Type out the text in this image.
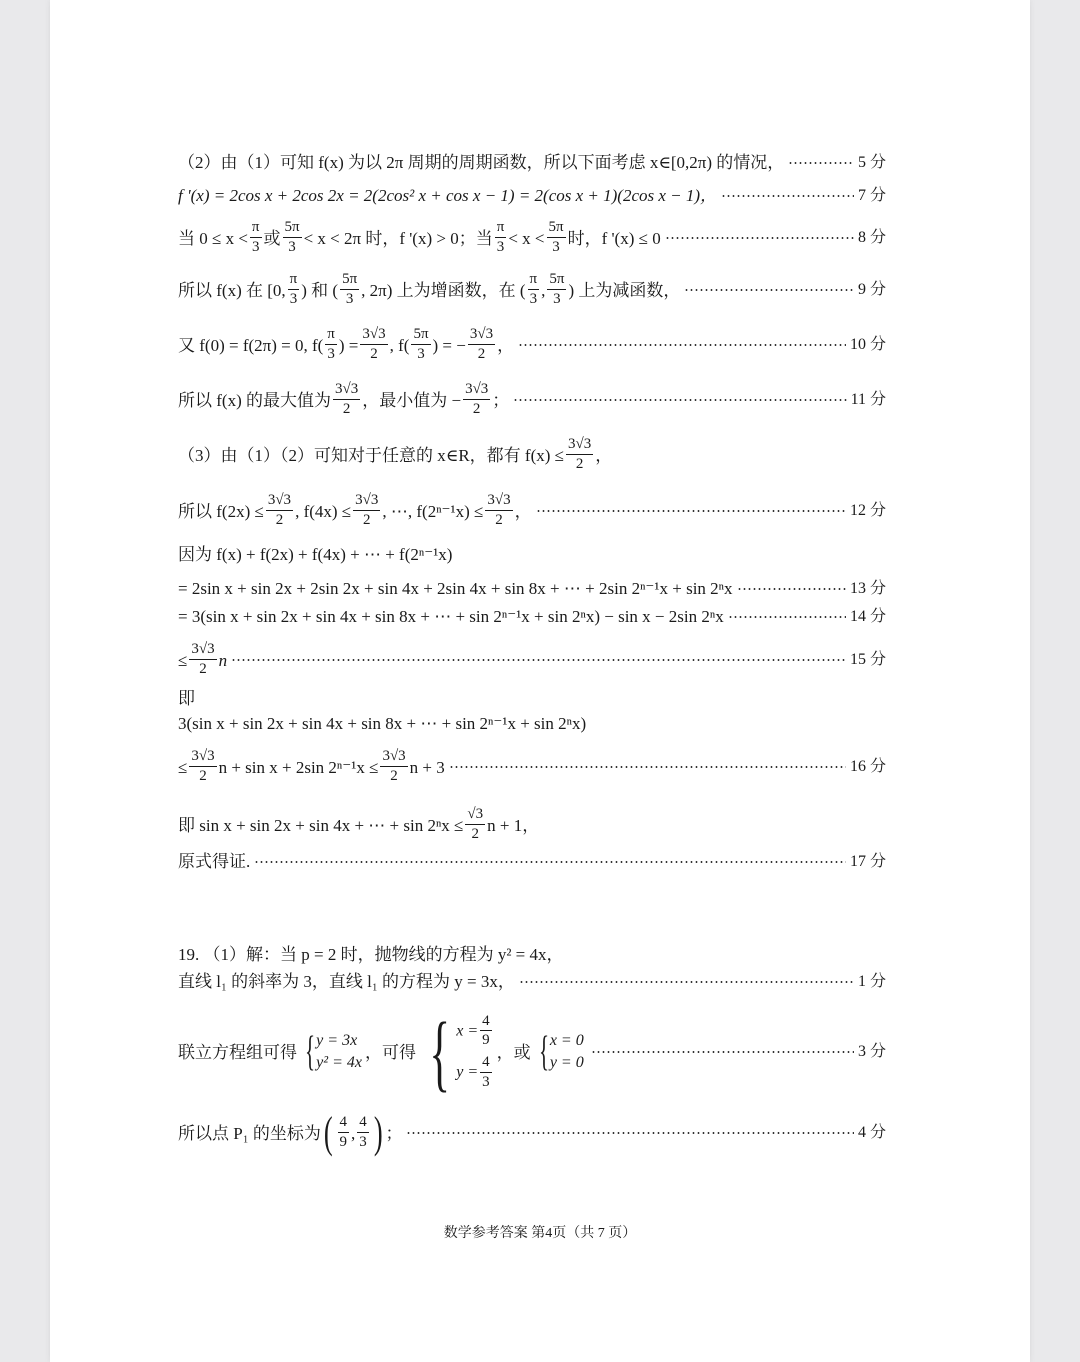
（2）由（1）可知 f(x) 为以 2π 周期的周期函数，所以下面考虑 x∈[0,2π) 的情况，	5 分
f '(x) = 2cos x + 2cos 2x = 2(2cos² x + cos x − 1) = 2(cos x + 1)(2cos x − 1)，	7 分
当 $0 \le x < \frac{\pi}{3}$ 或 $\frac{5\pi}{3} < x < 2\pi$ 时，f '(x) > 0；当 $\frac{\pi}{3} < x < \frac{5\pi}{3}$ 时，f '(x) ≤ 0	8 分
所以 f(x) 在 [0, $\frac{\pi}{3}$ ) 和 ( $\frac{5\pi}{3}$ , 2π) 上为增函数，在 ( $\frac{\pi}{3}$ , $\frac{5\pi}{3}$ ) 上为减函数，	9 分
又 f(0) = f(2π) = 0, $f( \frac{\pi}{3}$ ) = $\frac{3√3}{2}$ , $f( \frac{5\pi}{3}$ ) = − $\frac{3√3}{2}$ ，	10 分
所以 f(x) 的最大值为 $\frac{3√3}{2}$ ，最小值为 − $\frac{3√3}{2}$ ；	11 分
（3）由（1）（2）可知对于任意的 x∈R，都有 $f(x) \le \frac{3√3}{2}$ ，
所以 $f(2x) \le \frac{3√3}{2}$ , $f(4x) \le \frac{3√3}{2}$ , ⋯, $f(2^{n-1}x) \le \frac{3√3}{2}$ ，	12 分
因为 f(x) + f(2x) + f(4x) + ⋯ + f(2ⁿ⁻¹x)
= 2sin x + sin 2x + 2sin 2x + sin 4x + 2sin 4x + sin 8x + ⋯ + 2sin 2ⁿ⁻¹x + sin 2ⁿx	13 分
= 3(sin x + sin 2x + sin 4x + sin 8x + ⋯ + sin 2ⁿ⁻¹x + sin 2ⁿx) − sin x − 2sin 2ⁿx	14 分
≤ $\frac{3√3}{2}$ n	15 分
即
3(sin x + sin 2x + sin 4x + sin 8x + ⋯ + sin 2ⁿ⁻¹x + sin 2ⁿx)
≤ $\frac{3√3}{2}$ n + sin x + 2sin $2^{n-1}x \le \frac{3√3}{2}$ n + 3	16 分
即 sin x + sin 2x + sin 4x + ⋯ + $\sin 2^nx \le \frac{√3}{2}$ n + 1，
原式得证.	17 分
19. （1）解：当 p = 2 时，抛物线的方程为 y² = 4x，
直线 l₁ 的斜率为 3，直线 l₁ 的方程为 y = 3x，	1 分
联立方程组可得 { y = 3x
y² = 4x
，可得 { $x = \frac{4}{9}$
$y = \frac{4}{3}$
，或 { x = 0
y = 0
3 分
所以点 P₁ 的坐标为 ( $\frac{4}{9}$ , $\frac{4}{3}$ ) ；	4 分
数学参考答案 第4页（共 7 页）
